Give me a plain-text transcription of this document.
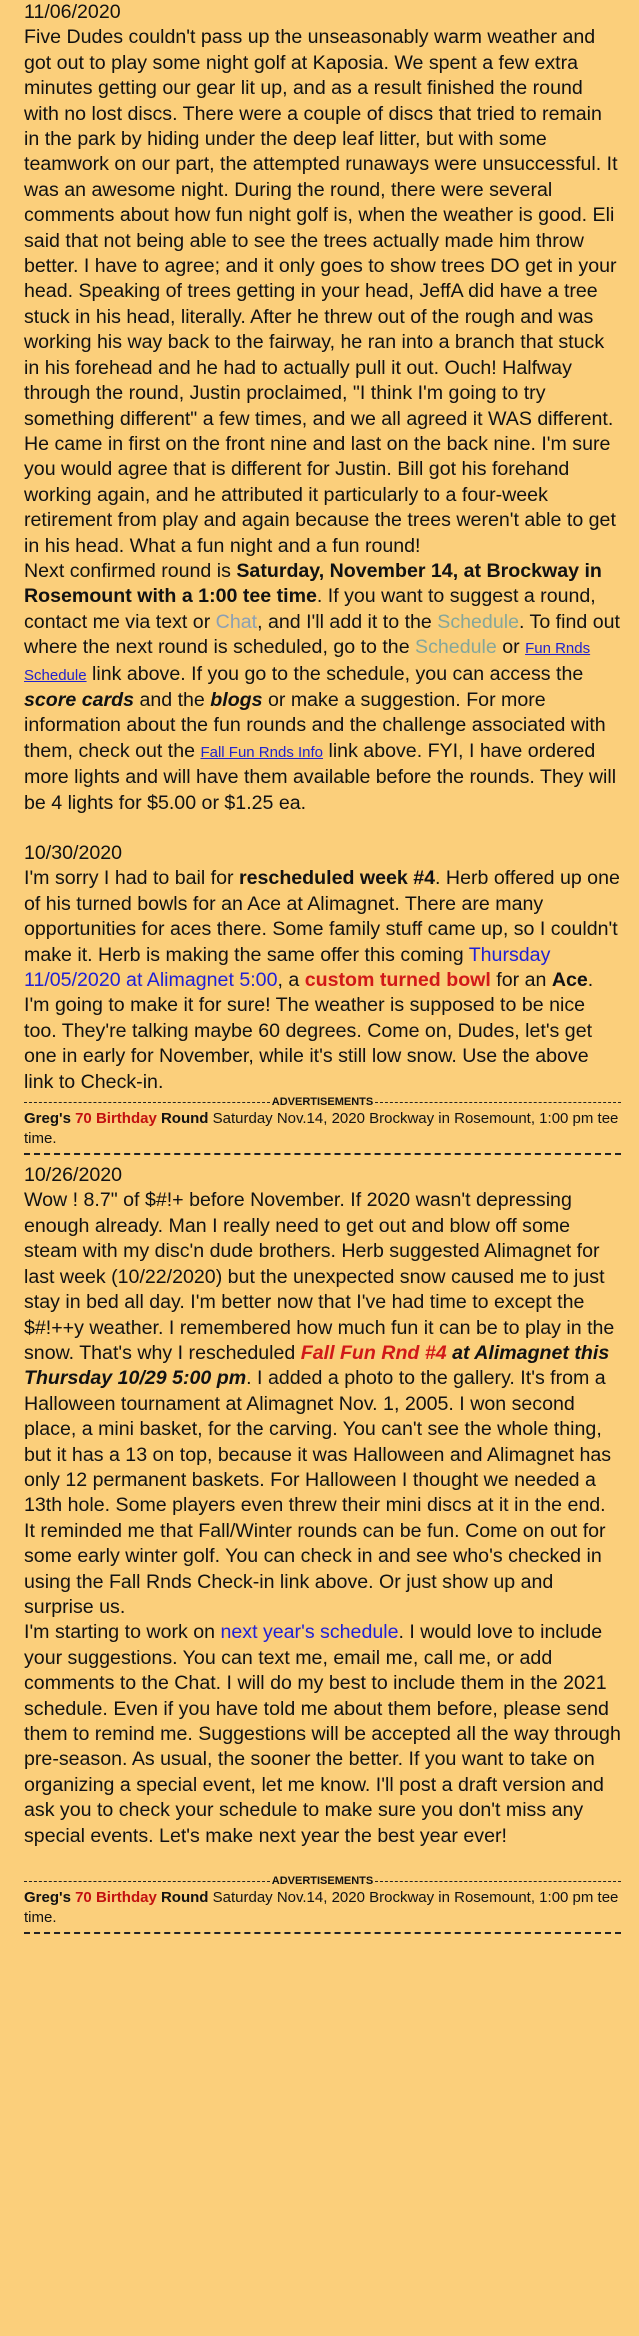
11/06/2020

Five Dudes couldn't pass up the unseasonably warm weather and got out to play some night golf at Kaposia. We spent a few extra minutes getting our gear lit up, and as a result finished the round with no lost discs. There were a couple of discs that tried to remain in the park by hiding under the deep leaf litter, but with some teamwork on our part, the attempted runaways were unsuccessful. It was an awesome night. During the round, there were several comments about how fun night golf is, when the weather is good. Eli said that not being able to see the trees actually made him throw better. I have to agree; and it only goes to show trees DO get in your head. Speaking of trees getting in your head, JeffA did have a tree stuck in his head, literally. After he threw out of the rough and was working his way back to the fairway, he ran into a branch that stuck in his forehead and he had to actually pull it out. Ouch! Halfway through the round, Justin proclaimed, "I think I'm going to try something different" a few times, and we all agreed it WAS different. He came in first on the front nine and last on the back nine. I'm sure you would agree that is different for Justin. Bill got his forehand working again, and he attributed it particularly to a four-week retirement from play and again because the trees weren't able to get in his head. What a fun night and a fun round!

Next confirmed round is Saturday, November 14, at Brockway in Rosemount with a 1:00 tee time. If you want to suggest a round, contact me via text or Chat, and I'll add it to the Schedule. To find out where the next round is scheduled, go to the Schedule or Fun Rnds Schedule link above. If you go to the schedule, you can access the score cards and the blogs or make a suggestion. For more information about the fun rounds and the challenge associated with them, check out the Fall Fun Rnds Info link above. FYI, I have ordered more lights and will have them available before the rounds. They will be 4 lights for $5.00 or $1.25 ea.

10/30/2020

I'm sorry I had to bail for rescheduled week #4. Herb offered up one of his turned bowls for an Ace at Alimagnet. There are many opportunities for aces there. Some family stuff came up, so I couldn't make it. Herb is making the same offer this coming Thursday 11/05/2020 at Alimagnet 5:00, a custom turned bowl for an Ace. I'm going to make it for sure! The weather is supposed to be nice too. They're talking maybe 60 degrees. Come on, Dudes, let's get one in early for November, while it's still low snow. Use the above link to Check-in.

ADVERTISEMENTS
Greg's 70 Birthday Round Saturday Nov.14, 2020 Brockway in Rosemount, 1:00 pm tee time.
10/26/2020

Wow ! 8.7" of $#!+ before November. If 2020 wasn't depressing enough already. Man I really need to get out and blow off some steam with my disc'n dude brothers. Herb suggested Alimagnet for last week (10/22/2020) but the unexpected snow caused me to just stay in bed all day. I'm better now that I've had time to except the $#!++y weather. I remembered how much fun it can be to play in the snow. That's why I rescheduled Fall Fun Rnd #4 at Alimagnet this Thursday 10/29 5:00 pm. I added a photo to the gallery. It's from a Halloween tournament at Alimagnet Nov. 1, 2005. I won second place, a mini basket, for the carving. You can't see the whole thing, but it has a 13 on top, because it was Halloween and Alimagnet has only 12 permanent baskets. For Halloween I thought we needed a 13th hole. Some players even threw their mini discs at it in the end. It reminded me that Fall/Winter rounds can be fun. Come on out for some early winter golf. You can check in and see who's checked in using the Fall Rnds Check-in link above. Or just show up and surprise us.

I'm starting to work on next year's schedule. I would love to include your suggestions. You can text me, email me, call me, or add comments to the Chat. I will do my best to include them in the 2021 schedule. Even if you have told me about them before, please send them to remind me. Suggestions will be accepted all the way through pre-season. As usual, the sooner the better. If you want to take on organizing a special event, let me know. I'll post a draft version and ask you to check your schedule to make sure you don't miss any special events. Let's make next year the best year ever!

ADVERTISEMENTS
Greg's 70 Birthday Round Saturday Nov.14, 2020 Brockway in Rosemount, 1:00 pm tee time.
